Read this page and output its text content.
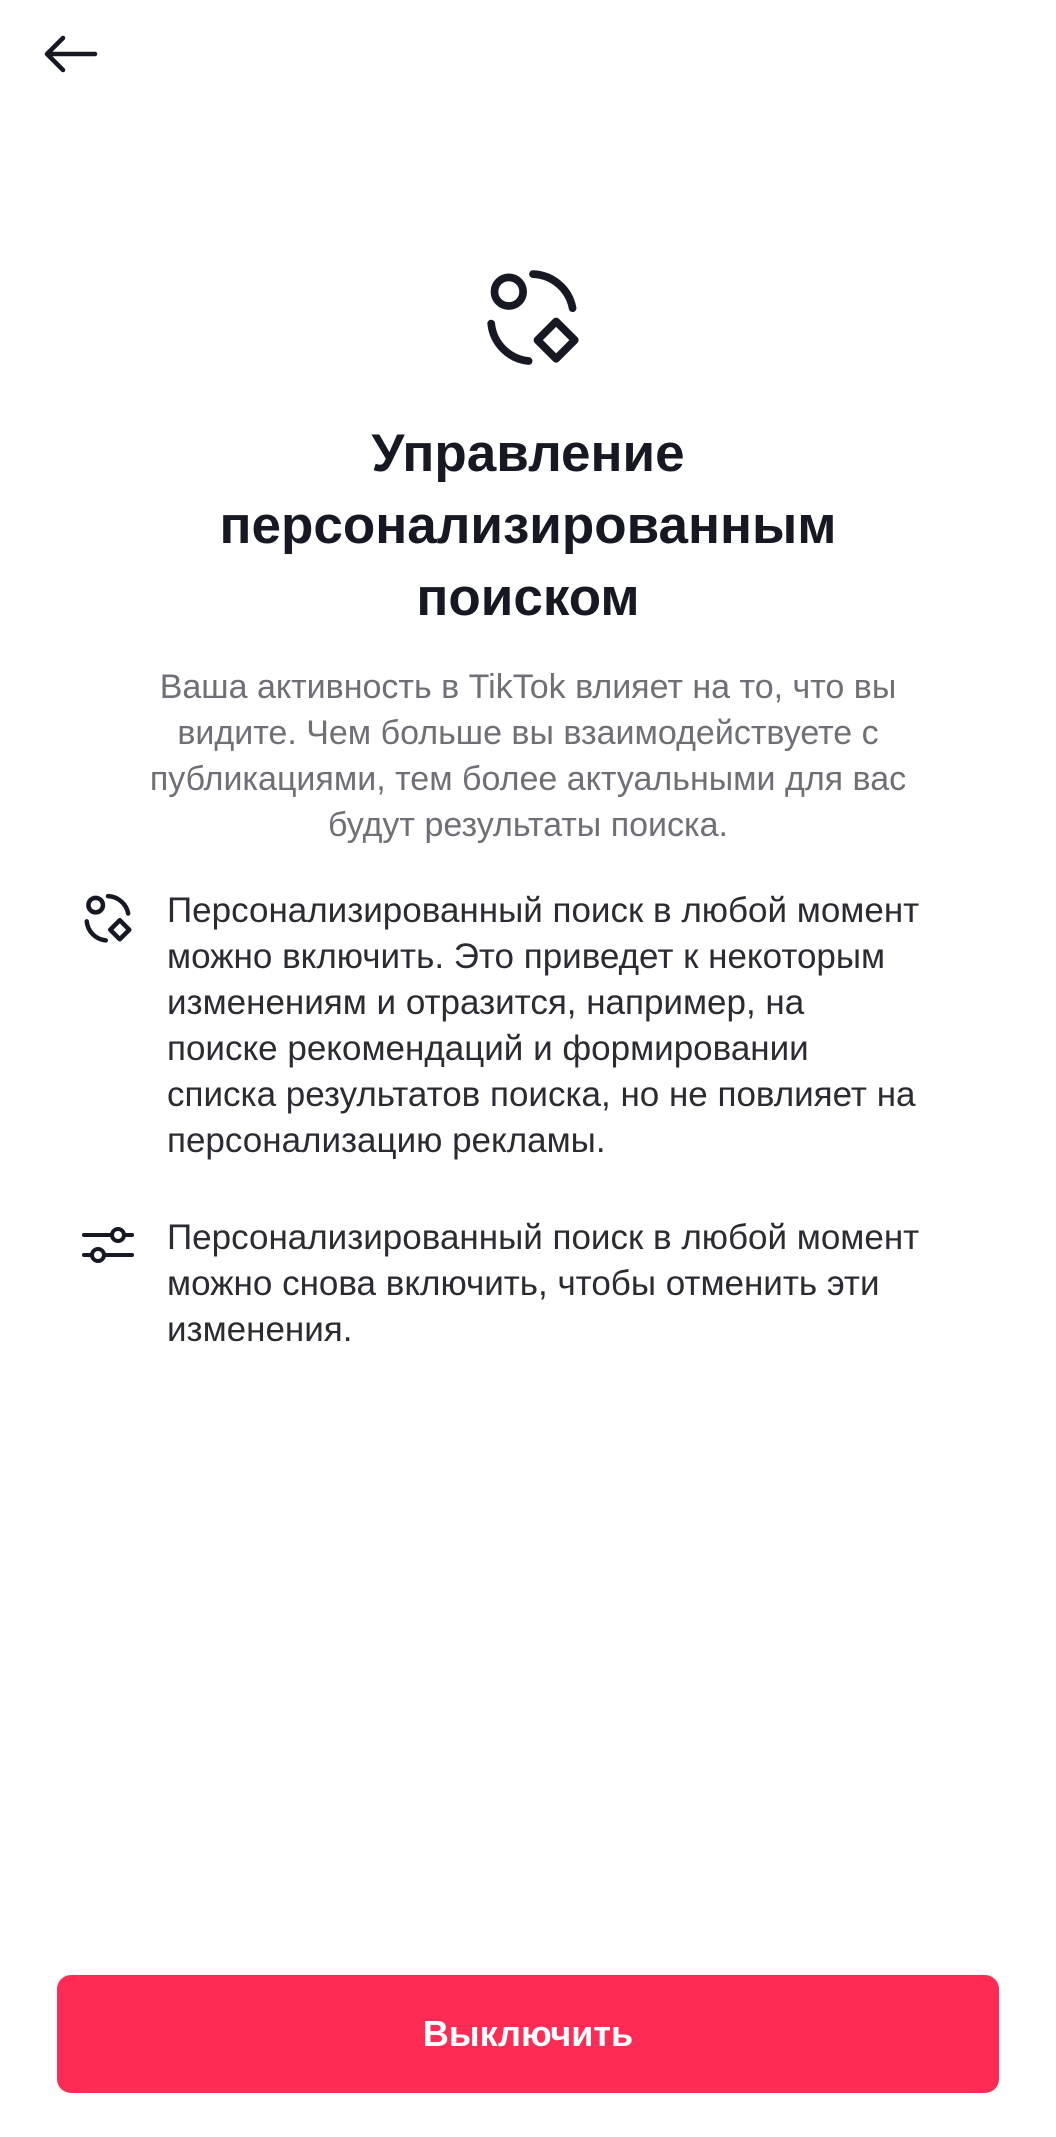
Управление
персонализированным
поиском

Ваша активность в TikTok влияет на то, что вы
видите. Чем больше вы взаимодействуете с
публикациями, тем более актуальными для вас
будут результаты поиска.

Персонализированный поиск в любой момент
можно включить. Это приведет к некоторым
изменениям и отразится, например, на
поиске рекомендаций и формировании
списка результатов поиска, но не повлияет на
персонализацию рекламы.

Персонализированный поиск в любой момент
можно снова включить, чтобы отменить эти
изменения.

Выключить
